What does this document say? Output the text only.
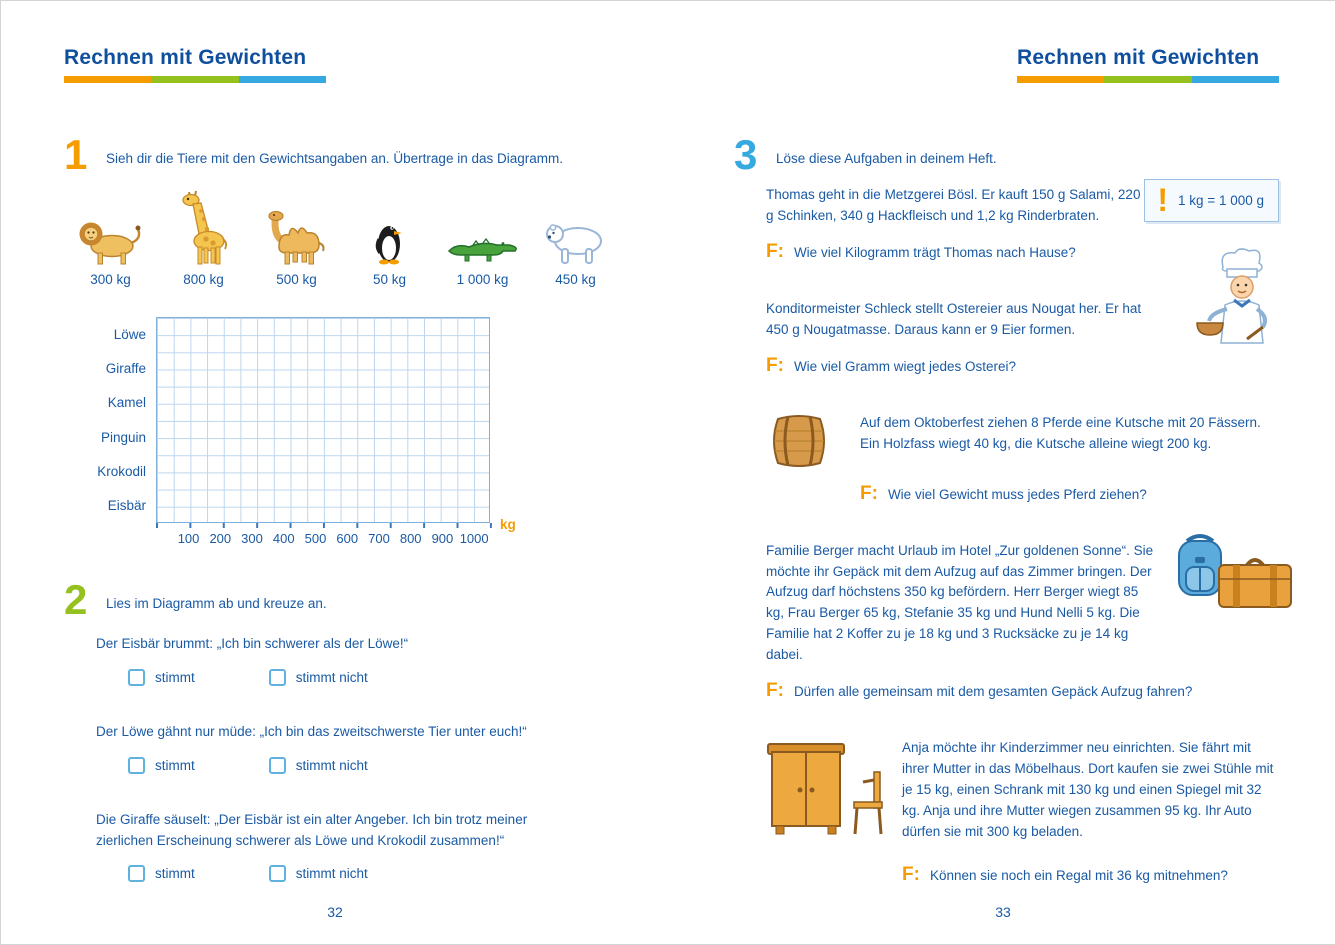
Rechnen mit Gewichten
1	Sieh dir die Tiere mit den Gewichtsangaben an. Übertrage in das Diagramm.
300 kg	800 kg	500 kg	50 kg	1 000 kg	450 kg
Löwe
Giraffe
Kamel
Pinguin
Krokodil
Eisbär
100 200 300 400 500 600 700 800 900 1000
kg
2	Lies im Diagramm ab und kreuze an.
Der Eisbär brummt: „Ich bin schwerer als der Löwe!“
stimmt	stimmt nicht
Der Löwe gähnt nur müde: „Ich bin das zweitschwerste Tier unter euch!“
stimmt	stimmt nicht
Die Giraffe säuselt: „Der Eisbär ist ein alter Angeber. Ich bin trotz meiner zierlichen Erscheinung schwerer als Löwe und Krokodil zusammen!“
stimmt	stimmt nicht
32
Rechnen mit Gewichten
3	Löse diese Aufgaben in deinem Heft.
Thomas geht in die Metzgerei Bösl. Er kauft 150 g Salami, 220 g Schinken, 340 g Hackfleisch und 1,2 kg Rinderbraten.	! 1 kg = 1 000 g
F: Wie viel Kilogramm trägt Thomas nach Hause?
Konditormeister Schleck stellt Ostereier aus Nougat her. Er hat 450 g Nougatmasse. Daraus kann er 9 Eier formen.
F: Wie viel Gramm wiegt jedes Osterei?
Auf dem Oktoberfest ziehen 8 Pferde eine Kutsche mit 20 Fässern. Ein Holzfass wiegt 40 kg, die Kutsche alleine wiegt 200 kg.
F: Wie viel Gewicht muss jedes Pferd ziehen?
Familie Berger macht Urlaub im Hotel „Zur goldenen Sonne“. Sie möchte ihr Gepäck mit dem Aufzug auf das Zimmer bringen. Der Aufzug darf höchstens 350 kg befördern. Herr Berger wiegt 85 kg, Frau Berger 65 kg, Stefanie 35 kg und Hund Nelli 5 kg. Die Familie hat 2 Koffer zu je 18 kg und 3 Rucksäcke zu je 14 kg dabei.
F: Dürfen alle gemeinsam mit dem gesamten Gepäck Aufzug fahren?
Anja möchte ihr Kinderzimmer neu einrichten. Sie fährt mit ihrer Mutter in das Möbelhaus. Dort kaufen sie zwei Stühle mit je 15 kg, einen Schrank mit 130 kg und einen Spiegel mit 32 kg. Anja und ihre Mutter wiegen zusammen 95 kg. Ihr Auto dürfen sie mit 300 kg beladen.
F: Können sie noch ein Regal mit 36 kg mitnehmen?
33
